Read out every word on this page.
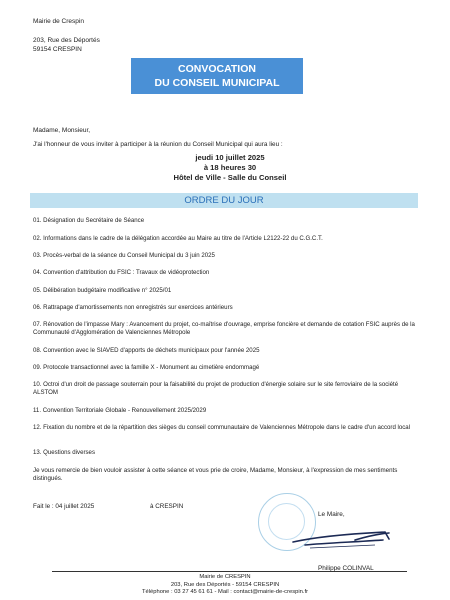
Mairie de Crespin
203, Rue des Déportés
59154 CRESPIN
CONVOCATION
DU CONSEIL MUNICIPAL
Madame, Monsieur,
J'ai l'honneur de vous inviter à participer à la réunion du Conseil Municipal qui aura lieu :
jeudi 10 juillet 2025
à 18 heures 30
Hôtel de Ville - Salle du Conseil
ORDRE DU JOUR
01. Désignation du Secrétaire de Séance
02. Informations dans le cadre de la délégation accordée au Maire au titre de l'Article L2122-22 du C.G.C.T.
03. Procès-verbal de la séance du Conseil Municipal du 3 juin 2025
04. Convention d'attribution du FSIC : Travaux de vidéoprotection
05. Délibération budgétaire modificative n° 2025/01
06. Rattrapage d'amortissements non enregistrés sur exercices antérieurs
07. Rénovation de l'impasse Mary : Avancement du projet, co-maîtrise d'ouvrage, emprise foncière et demande de cotation FSIC auprès de la Communauté d'Agglomération de Valenciennes Métropole
08. Convention avec le SIAVED d'apports de déchets municipaux pour l'année 2025
09. Protocole transactionnel avec la famille X - Monument au cimetière endommagé
10. Octroi d'un droit de passage souterrain pour la faisabilité du projet de production d'énergie solaire sur le site ferroviaire de la société ALSTOM
11. Convention Territoriale Globale - Renouvellement 2025/2029
12. Fixation du nombre et de la répartition des sièges du conseil communautaire de Valenciennes Métropole dans le cadre d'un accord local
13. Questions diverses
Je vous remercie de bien vouloir assister à cette séance et vous prie de croire, Madame, Monsieur, à l'expression de mes sentiments distingués.
Fait le : 04 juillet 2025	à CRESPIN
Le Maire,
Philippe COLINVAL
Mairie de CRESPIN
203, Rue des Déportés - 59154 CRESPIN
Téléphone : 03 27 45 61 61 - Mail : contact@mairie-de-crespin.fr
